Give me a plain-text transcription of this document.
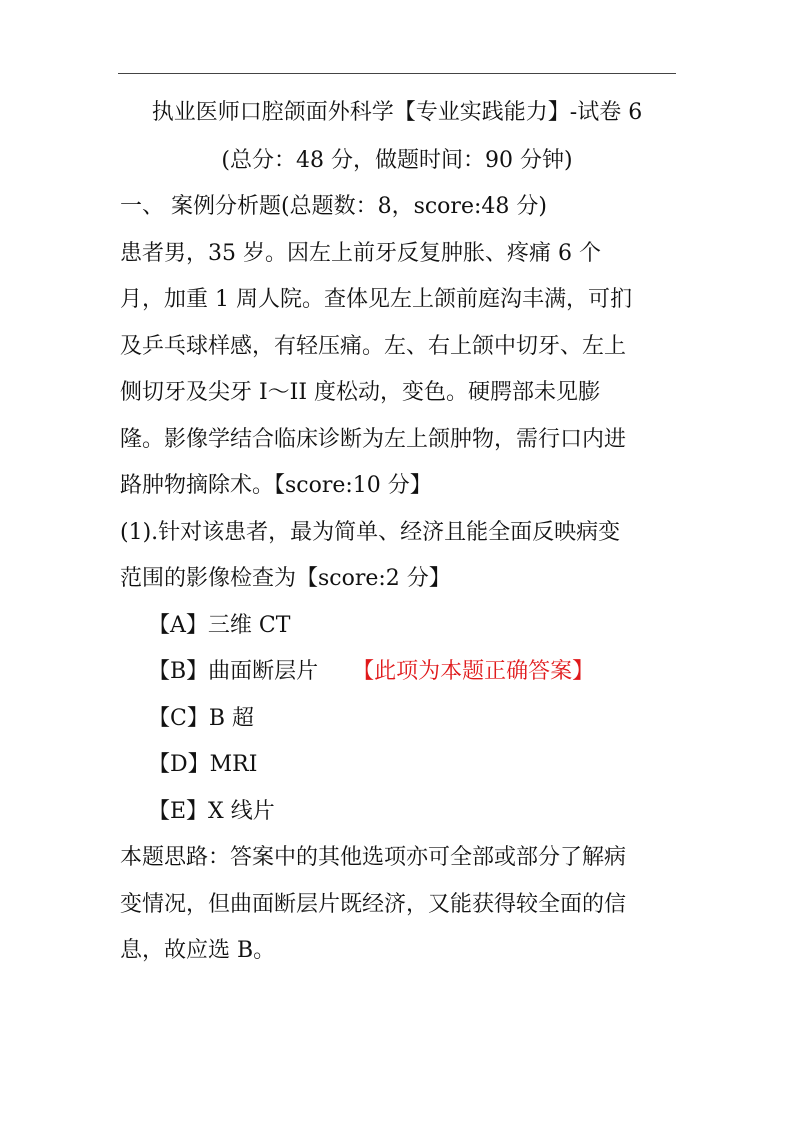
执业医师口腔颌面外科学【专业实践能力】-试卷 6
(总分：48 分，做题时间：90 分钟)
一、 案例分析题(总题数：8，score:48 分)
患者男，35 岁。因左上前牙反复肿胀、疼痛 6 个
月，加重 1 周人院。查体见左上颌前庭沟丰满，可扪
及乒乓球样感，有轻压痛。左、右上颌中切牙、左上
侧切牙及尖牙 I～II 度松动，变色。硬腭部未见膨
隆。影像学结合临床诊断为左上颌肿物，需行口内进
路肿物摘除术。【score:10 分】
(1).针对该患者，最为简单、经济且能全面反映病变
范围的影像检查为【score:2 分】
【A】三维 CT
【B】曲面断层片 【此项为本题正确答案】
【C】B 超
【D】MRI
【E】X 线片
本题思路：答案中的其他选项亦可全部或部分了解病
变情况，但曲面断层片既经济，又能获得较全面的信
息，故应选 B。
